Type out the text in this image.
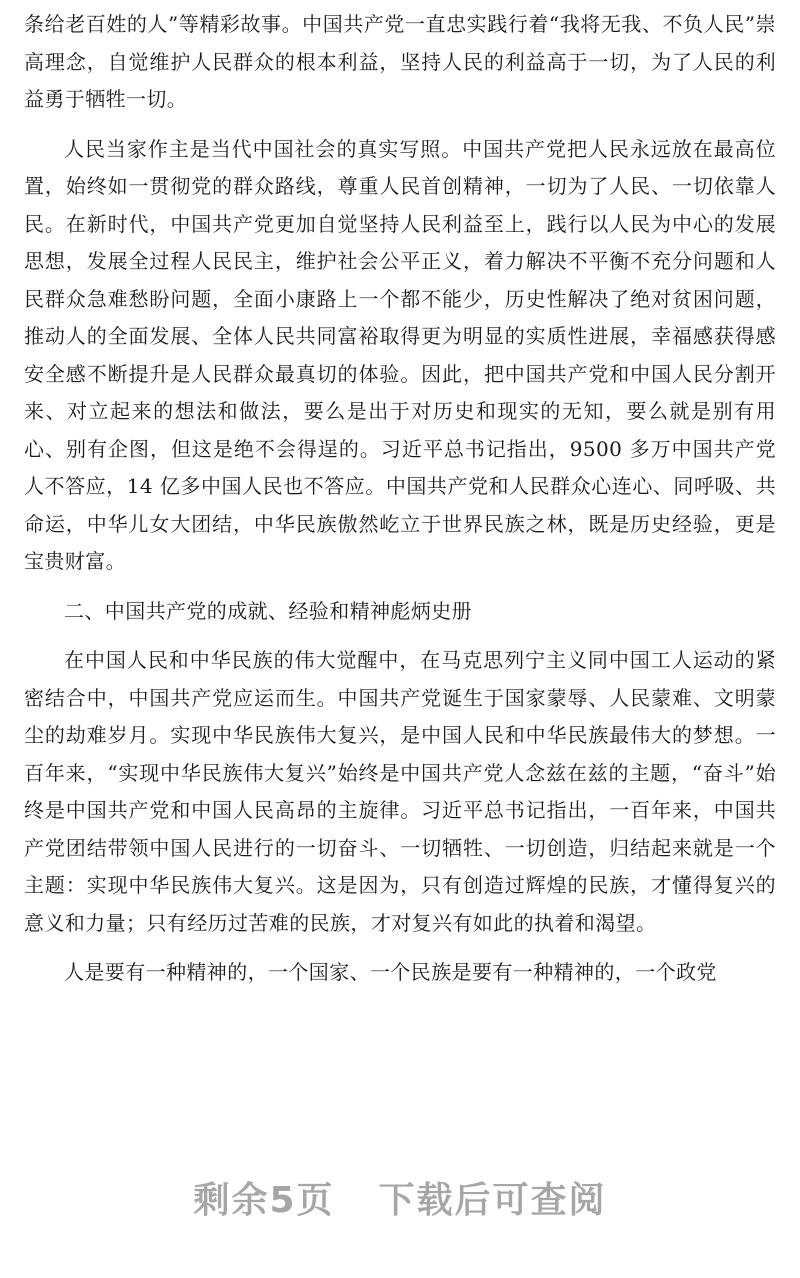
条给老百姓的人”等精彩故事。中国共产党一直忠实践行着“我将无我、不负人民”崇高理念，自觉维护人民群众的根本利益，坚持人民的利益高于一切，为了人民的利益勇于牺牲一切。

人民当家作主是当代中国社会的真实写照。中国共产党把人民永远放在最高位置，始终如一贯彻党的群众路线，尊重人民首创精神，一切为了人民、一切依靠人民。在新时代，中国共产党更加自觉坚持人民利益至上，践行以人民为中心的发展思想，发展全过程人民民主，维护社会公平正义，着力解决不平衡不充分问题和人民群众急难愁盼问题，全面小康路上一个都不能少，历史性解决了绝对贫困问题，推动人的全面发展、全体人民共同富裕取得更为明显的实质性进展，幸福感获得感安全感不断提升是人民群众最真切的体验。因此，把中国共产党和中国人民分割开来、对立起来的想法和做法，要么是出于对历史和现实的无知，要么就是别有用心、别有企图，但这是绝不会得逞的。习近平总书记指出，9500 多万中国共产党人不答应，14 亿多中国人民也不答应。中国共产党和人民群众心连心、同呼吸、共命运，中华儿女大团结，中华民族傲然屹立于世界民族之林，既是历史经验，更是宝贵财富。

二、中国共产党的成就、经验和精神彪炳史册

在中国人民和中华民族的伟大觉醒中，在马克思列宁主义同中国工人运动的紧密结合中，中国共产党应运而生。中国共产党诞生于国家蒙辱、人民蒙难、文明蒙尘的劫难岁月。实现中华民族伟大复兴，是中国人民和中华民族最伟大的梦想。一百年来，“实现中华民族伟大复兴”始终是中国共产党人念兹在兹的主题，“奋斗”始终是中国共产党和中国人民高昂的主旋律。习近平总书记指出，一百年来，中国共产党团结带领中国人民进行的一切奋斗、一切牺牲、一切创造，归结起来就是一个主题：实现中华民族伟大复兴。这是因为，只有创造过辉煌的民族，才懂得复兴的意义和力量；只有经历过苦难的民族，才对复兴有如此的执着和渴望。

人是要有一种精神的，一个国家、一个民族是要有一种精神的，一个政党

剩余5页 下载后可查阅
